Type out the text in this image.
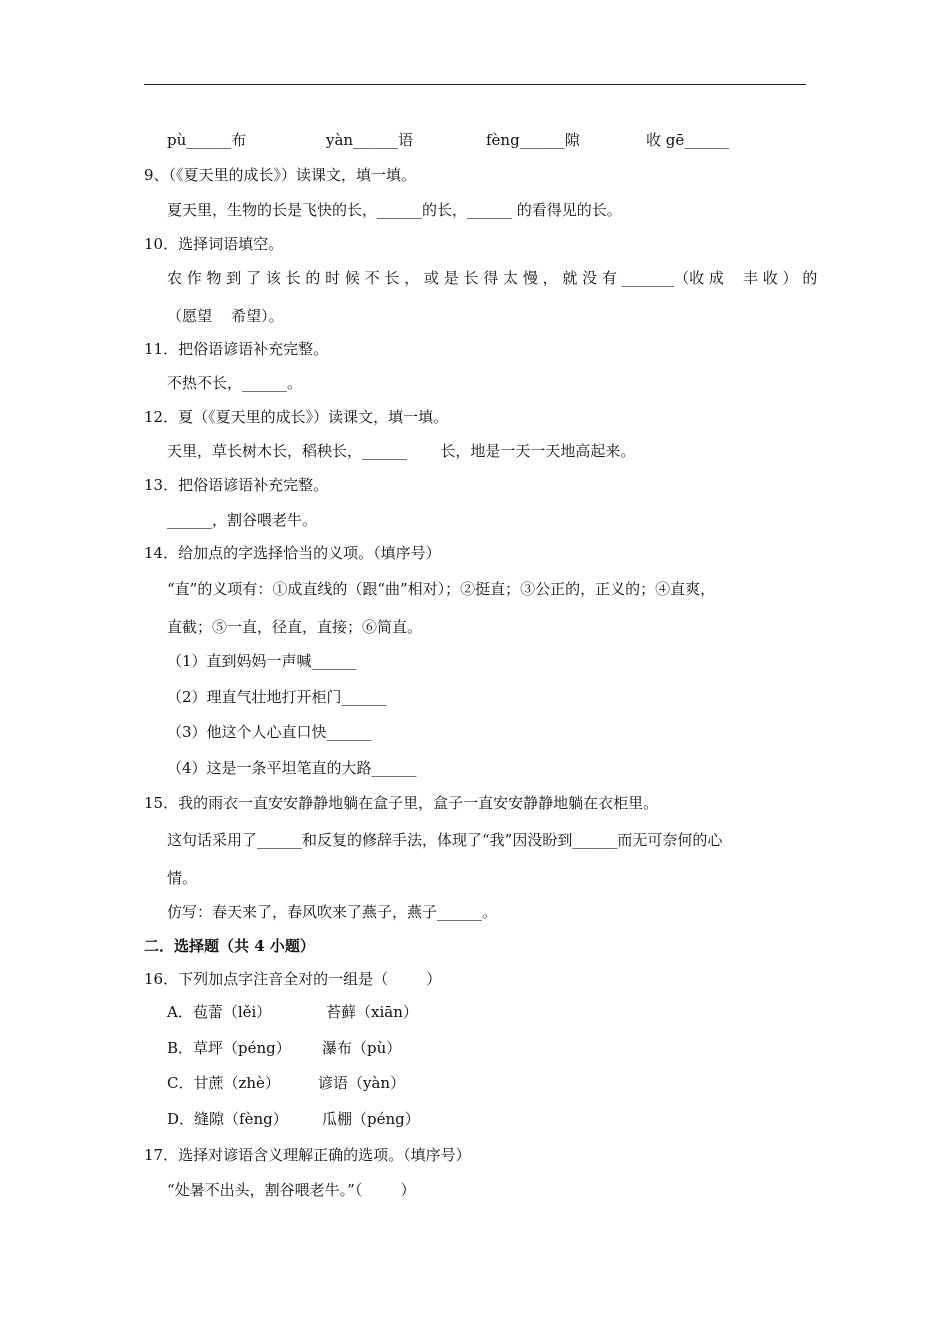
pù______布	yàn______语	fèng______隙	收 gē______
9、（《夏天里的成长》）读课文，填一填。
夏天里，生物的长是飞快的长，______的长，______ 的看得见的长。
10．选择词语填空。
农 作 物 到 了 该 长 的 时 候 不 长 ， 或 是 长 得 太 慢 ， 就 没 有 _______（收 成    丰 收 ） 的
（愿望    希望）。
11．把俗语谚语补充完整。
不热不长，______。
12．夏（《夏天里的成长》）读课文，填一填。
天里，草长树木长，稻秧长，______       长，地是一天一天地高起来。
13．把俗语谚语补充完整。
______，割谷喂老牛。
14．给加点的字选择恰当的义项。（填序号）
“直”的义项有：①成直线的（跟“曲”相对）；②挺直；③公正的，正义的；④直爽，
直截；⑤一直，径直，直接；⑥简直。
（1）直到妈妈一声喊______
（2）理直气壮地打开柜门______
（3）他这个人心直口快______
（4）这是一条平坦笔直的大路______
15．我的雨衣一直安安静静地躺在盒子里，盒子一直安安静静地躺在衣柜里。
这句话采用了______和反复的修辞手法，体现了“我”因没盼到______而无可奈何的心
情。
仿写：春天来了，春风吹来了燕子，燕子______。
二．选择题（共 4 小题）
16．下列加点字注音全对的一组是（        ）
A．苞蕾（lěi）	苔藓（xiān）
B．草坪（péng） 瀑布（pù）
C．甘蔗（zhè）	谚语（yàn）
D．缝隙（fèng） 瓜棚（péng）
17．选择对谚语含义理解正确的选项。（填序号）
“处暑不出头，割谷喂老牛。”（        ）
